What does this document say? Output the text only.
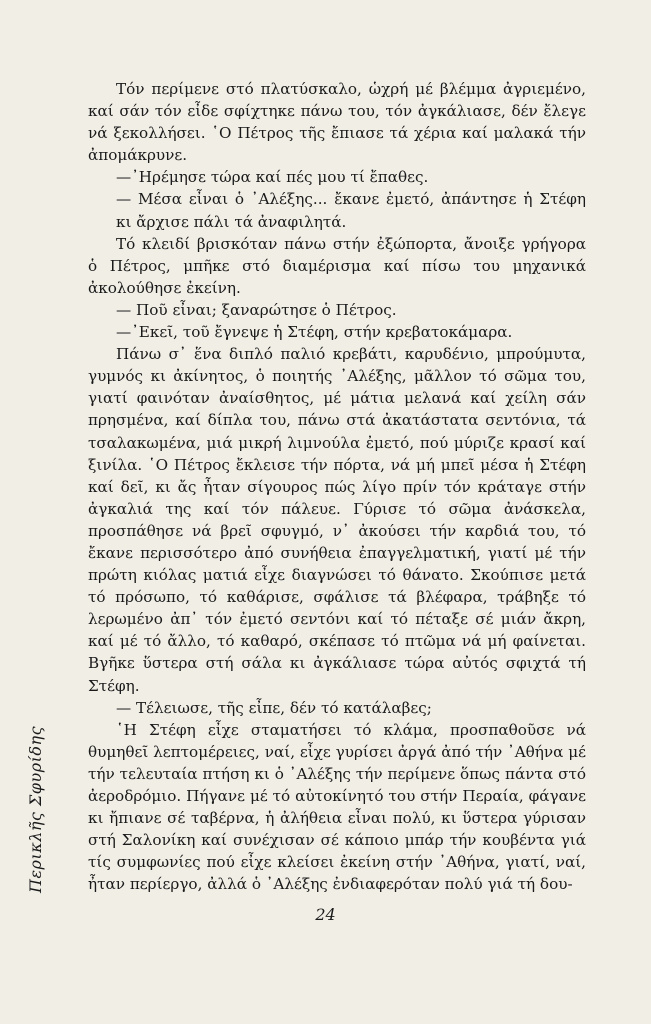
Τόν περίμενε στό πλατύσκαλο, ὡχρή μέ βλέμμα ἀγριεμένο, καί σάν τόν εἶδε σφίχτηκε πάνω του, τόν ἀγκάλιασε, δέν ἔλεγε νά ξεκολλήσει. ῾Ο Πέτρος τῆς ἔπιασε τά χέρια καί μαλακά τήν ἀπομάκρυνε.

—᾿Ηρέμησε τώρα καί πές μου τί ἔπαθες.

— Μέσα εἶναι ὁ ᾿Αλέξης... ἔκανε ἐμετό, ἀπάντησε ἡ Στέφη κι ἄρχισε πάλι τά ἀναφιλητά.

Τό κλειδί βρισκόταν πάνω στήν ἐξώπορτα, ἄνοιξε γρήγορα ὁ Πέτρος, μπῆκε στό διαμέρισμα καί πίσω του μηχανικά ἀκολούθησε ἐκείνη.

— Ποῦ εἶναι; ξαναρώτησε ὁ Πέτρος.

—᾿Εκεῖ, τοῦ ἔγνεψε ἡ Στέφη, στήν κρεβατοκάμαρα.

Πάνω σ᾿ ἕνα διπλό παλιό κρεβάτι, καρυδένιο, μπρούμυτα, γυμνός κι ἀκίνητος, ὁ ποιητής ᾿Αλέξης, μᾶλλον τό σῶμα του, γιατί φαινόταν ἀναίσθητος, μέ μάτια μελανά καί χείλη σάν πρησμένα, καί δίπλα του, πάνω στά ἀκατάστατα σεντόνια, τά τσαλακωμένα, μιά μικρή λιμνούλα ἐμετό, πού μύριζε κρασί καί ξινίλα. ῾Ο Πέτρος ἔκλεισε τήν πόρτα, νά μή μπεῖ μέσα ἡ Στέφη καί δεῖ, κι ἄς ἦταν σίγουρος πώς λίγο πρίν τόν κράταγε στήν ἀγκαλιά της καί τόν πάλευε. Γύρισε τό σῶμα ἀνάσκελα, προσπάθησε νά βρεῖ σφυγμό, ν᾿ ἀκούσει τήν καρδιά του, τό ἔκανε περισσότερο ἀπό συνήθεια ἐπαγγελματική, γιατί μέ τήν πρώτη κιόλας ματιά εἶχε διαγνώσει τό θάνατο. Σκούπισε μετά τό πρόσωπο, τό καθάρισε, σφάλισε τά βλέφαρα, τράβηξε τό λερωμένο ἀπ᾿ τόν ἐμετό σεντόνι καί τό πέταξε σέ μιάν ἄκρη, καί μέ τό ἄλλο, τό καθαρό, σκέπασε τό πτῶμα νά μή φαίνεται. Βγῆκε ὕστερα στή σάλα κι ἀγκάλιασε τώρα αὐτός σφιχτά τή Στέφη.

— Τέλειωσε, τῆς εἶπε, δέν τό κατάλαβες;

῾Η Στέφη εἶχε σταματήσει τό κλάμα, προσπαθοῦσε νά θυμηθεῖ λεπτομέρειες, ναί, εἶχε γυρίσει ἀργά ἀπό τήν ᾿Αθήνα μέ τήν τελευταία πτήση κι ὁ ᾿Αλέξης τήν περίμενε ὅπως πάντα στό ἀεροδρόμιο. Πήγανε μέ τό αὐτοκίνητό του στήν Περαία, φάγανε κι ἤπιανε σέ ταβέρνα, ἡ ἀλήθεια εἶναι πολύ, κι ὕστερα γύρισαν στή Σαλονίκη καί συνέχισαν σέ κάποιο μπάρ τήν κουβέντα γιά τίς συμφωνίες πού εἶχε κλείσει ἐκείνη στήν ᾿Αθήνα, γιατί, ναί, ἦταν περίεργο, ἀλλά ὁ ᾿Αλέξης ἐνδιαφερόταν πολύ γιά τή δου-

Περικλῆς Σφυρίδης
24
